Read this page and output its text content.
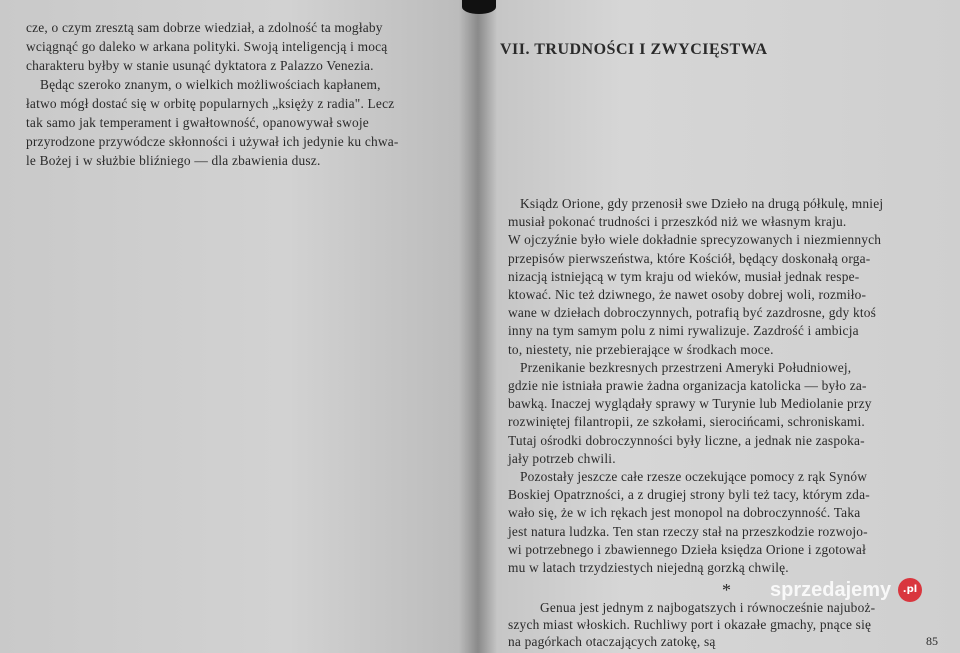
cze, o czym zresztą sam dobrze wiedział, a zdolność ta mogłaby
wciągnąć go daleko w arkana polityki. Swoją inteligencją i mocą
charakteru byłby w stanie usunąć dyktatora z Palazzo Venezia.
Będąc szeroko znanym, o wielkich możliwościach kapłanem,
łatwo mógł dostać się w orbitę popularnych „księży z radia". Lecz
tak samo jak temperament i gwałtowność, opanowywał swoje
przyrodzone przywódcze skłonności i używał ich jedynie ku chwa-
le Bożej i w służbie bliźniego — dla zbawienia dusz.
VII. TRUDNOŚCI I ZWYCIĘSTWA
Ksiądz Orione, gdy przenosił swe Dzieło na drugą półkulę, mniej
musiał pokonać trudności i przeszkód niż we własnym kraju.
W ojczyźnie było wiele dokładnie sprecyzowanych i niezmiennych
przepisów pierwszeństwa, które Kościół, będący doskonałą orga-
nizacją istniejącą w tym kraju od wieków, musiał jednak respe-
ktować. Nic też dziwnego, że nawet osoby dobrej woli, rozmiło-
wane w dziełach dobroczynnych, potrafią być zazdrosne, gdy ktoś
inny na tym samym polu z nimi rywalizuje. Zazdrość i ambicja
to, niestety, nie przebierające w środkach moce.
Przenikanie bezkresnych przestrzeni Ameryki Południowej,
gdzie nie istniała prawie żadna organizacja katolicka — było za-
bawką. Inaczej wyglądały sprawy w Turynie lub Mediolanie przy
rozwiniętej filantropii, ze szkołami, sierocińcami, schroniskami.
Tutaj ośrodki dobroczynności były liczne, a jednak nie zaspoka-
jały potrzeb chwili.
Pozostały jeszcze całe rzesze oczekujące pomocy z rąk Synów
Boskiej Opatrzności, a z drugiej strony byli też tacy, którym zda-
wało się, że w ich rękach jest monopol na dobroczynność. Taka
jest natura ludzka. Ten stan rzeczy stał na przeszkodzie rozwojo-
wi potrzebnego i zbawiennego Dzieła księdza Orione i zgotował
mu w latach trzydziestych niejedną gorzką chwilę.
Genua jest jednym z najbogatszych i równocześnie najuboż-
szych miast włoskich. Ruchliwy port i okazałe gmachy, pnące się
na pagórkach otaczających zatokę, są
*
85
sprzedajemy	.pl
